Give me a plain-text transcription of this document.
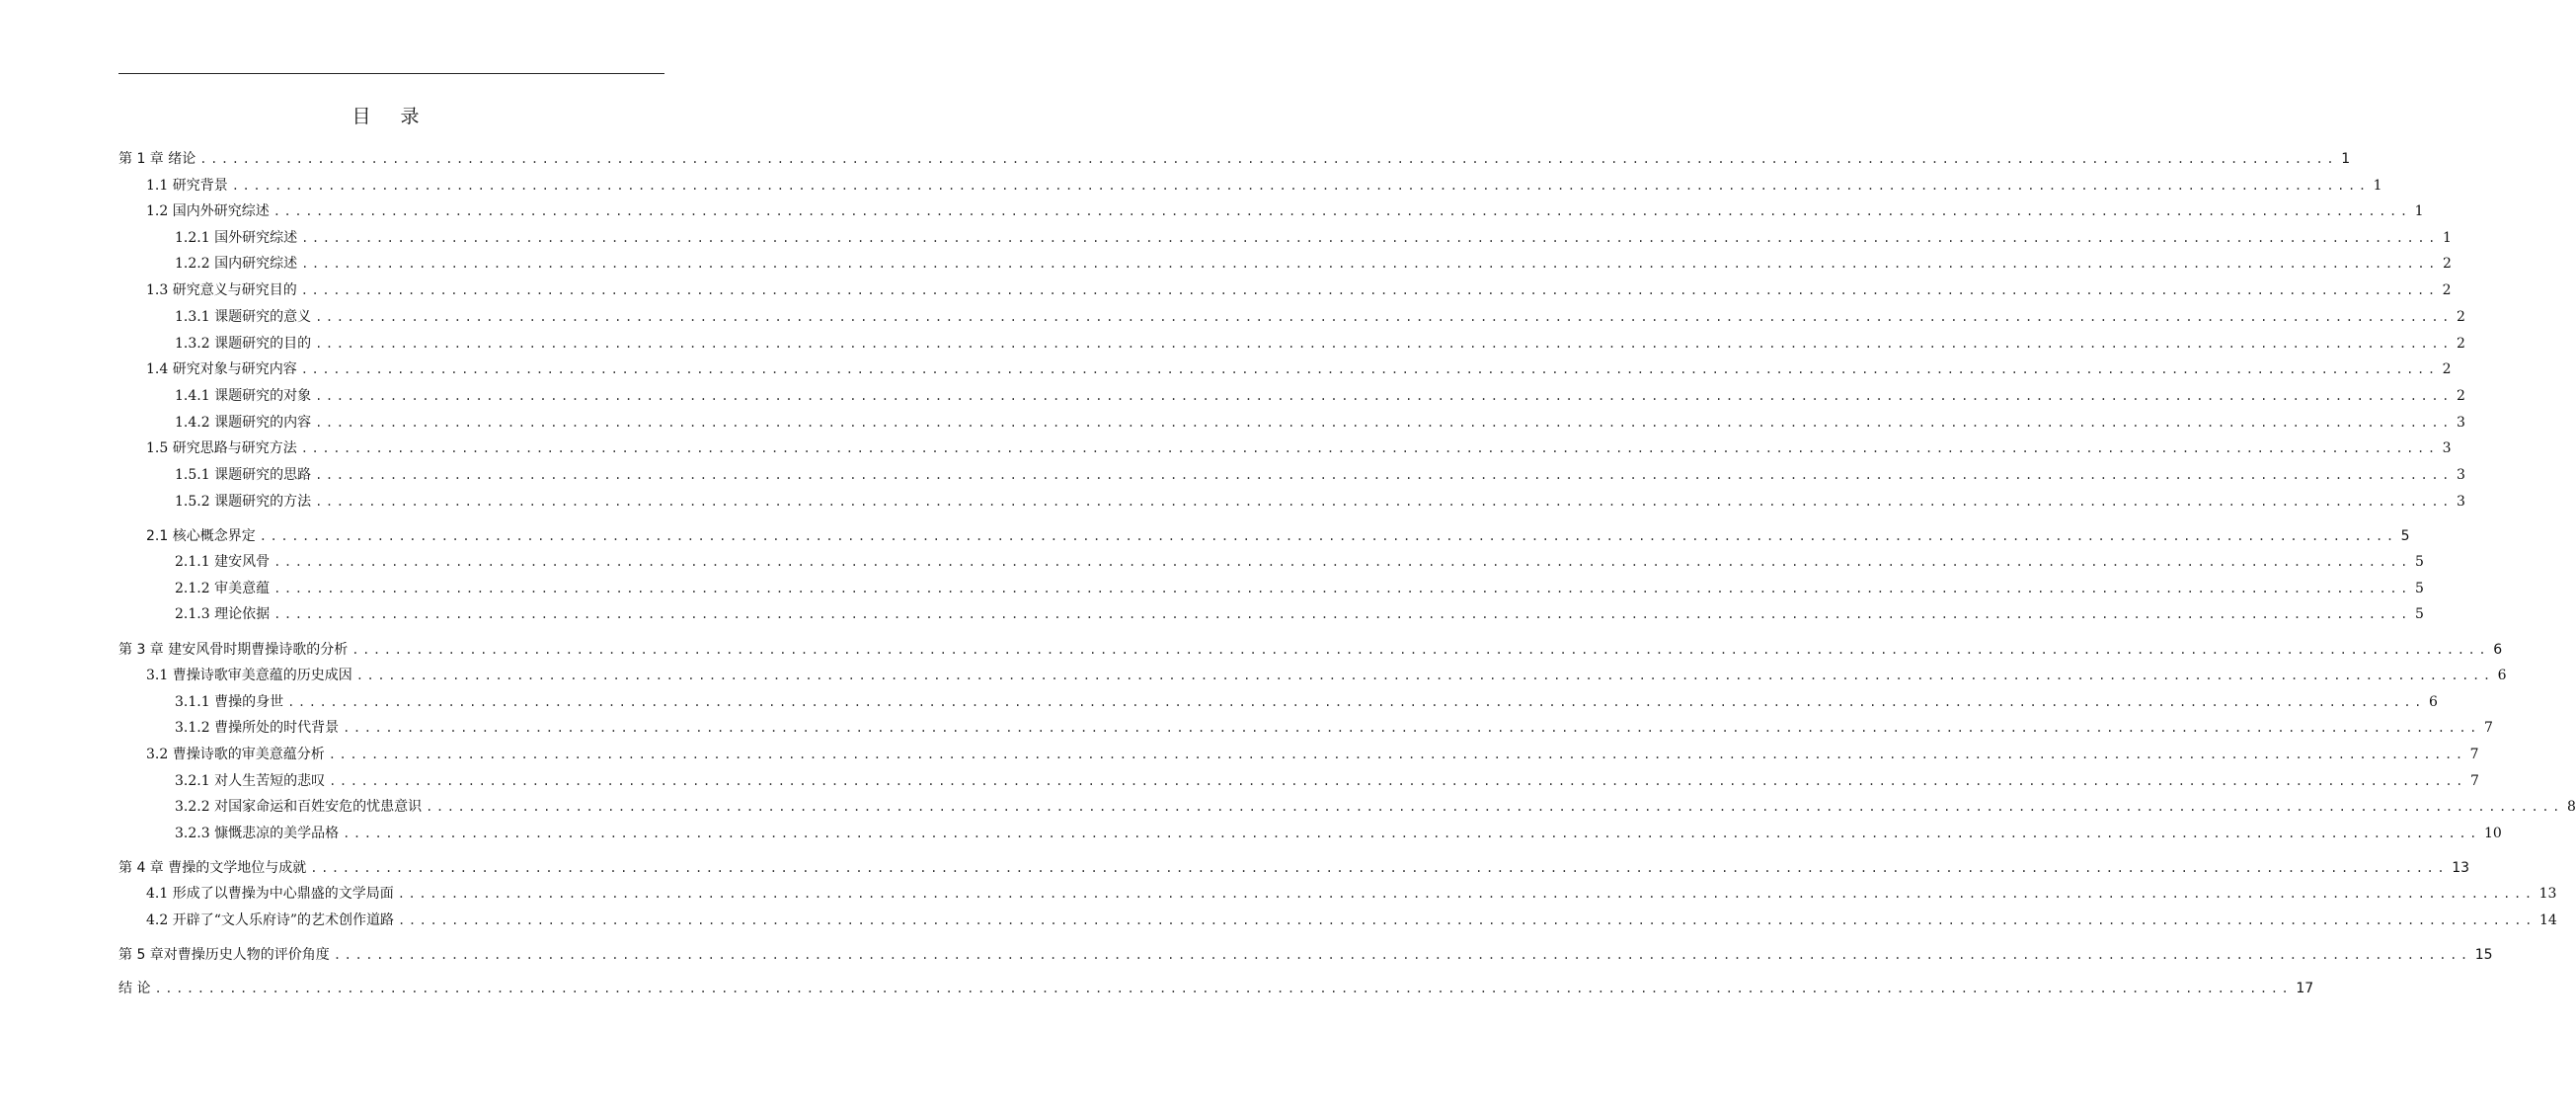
目 录
第 1 章 绪论 ........................................................................................................................................................................................................ 1
1.1 研究背景 ........................................................................................................................................................................................................ 1
1.2 国内外研究综述 ........................................................................................................................................................................................................ 1
1.2.1 国外研究综述 ........................................................................................................................................................................................................ 1
1.2.2 国内研究综述 ........................................................................................................................................................................................................ 2
1.3 研究意义与研究目的 ........................................................................................................................................................................................................ 2
1.3.1 课题研究的意义 ........................................................................................................................................................................................................ 2
1.3.2 课题研究的目的 ........................................................................................................................................................................................................ 2
1.4 研究对象与研究内容 ........................................................................................................................................................................................................ 2
1.4.1 课题研究的对象 ........................................................................................................................................................................................................ 2
1.4.2 课题研究的内容 ........................................................................................................................................................................................................ 3
1.5 研究思路与研究方法 ........................................................................................................................................................................................................ 3
1.5.1 课题研究的思路 ........................................................................................................................................................................................................ 3
1.5.2 课题研究的方法 ........................................................................................................................................................................................................ 3
2.1 核心概念界定 ........................................................................................................................................................................................................ 5
2.1.1 建安风骨 ........................................................................................................................................................................................................ 5
2.1.2 审美意蕴 ........................................................................................................................................................................................................ 5
2.1.3 理论依据 ........................................................................................................................................................................................................ 5
第 3 章 建安风骨时期曹操诗歌的分析 ........................................................................................................................................................................................................ 6
3.1 曹操诗歌审美意蕴的历史成因 ........................................................................................................................................................................................................ 6
3.1.1 曹操的身世 ........................................................................................................................................................................................................ 6
3.1.2 曹操所处的时代背景 ........................................................................................................................................................................................................ 7
3.2 曹操诗歌的审美意蕴分析 ........................................................................................................................................................................................................ 7
3.2.1 对人生苦短的悲叹 ........................................................................................................................................................................................................ 7
3.2.2 对国家命运和百姓安危的忧患意识 ........................................................................................................................................................................................................ 8
3.2.3 慷慨悲凉的美学品格 ........................................................................................................................................................................................................ 10
第 4 章 曹操的文学地位与成就 ........................................................................................................................................................................................................ 13
4.1 形成了以曹操为中心鼎盛的文学局面 ........................................................................................................................................................................................................ 13
4.2 开辟了“文人乐府诗”的艺术创作道路 ........................................................................................................................................................................................................ 14
第 5 章对曹操历史人物的评价角度 ........................................................................................................................................................................................................ 15
结 论 ........................................................................................................................................................................................................ 17
